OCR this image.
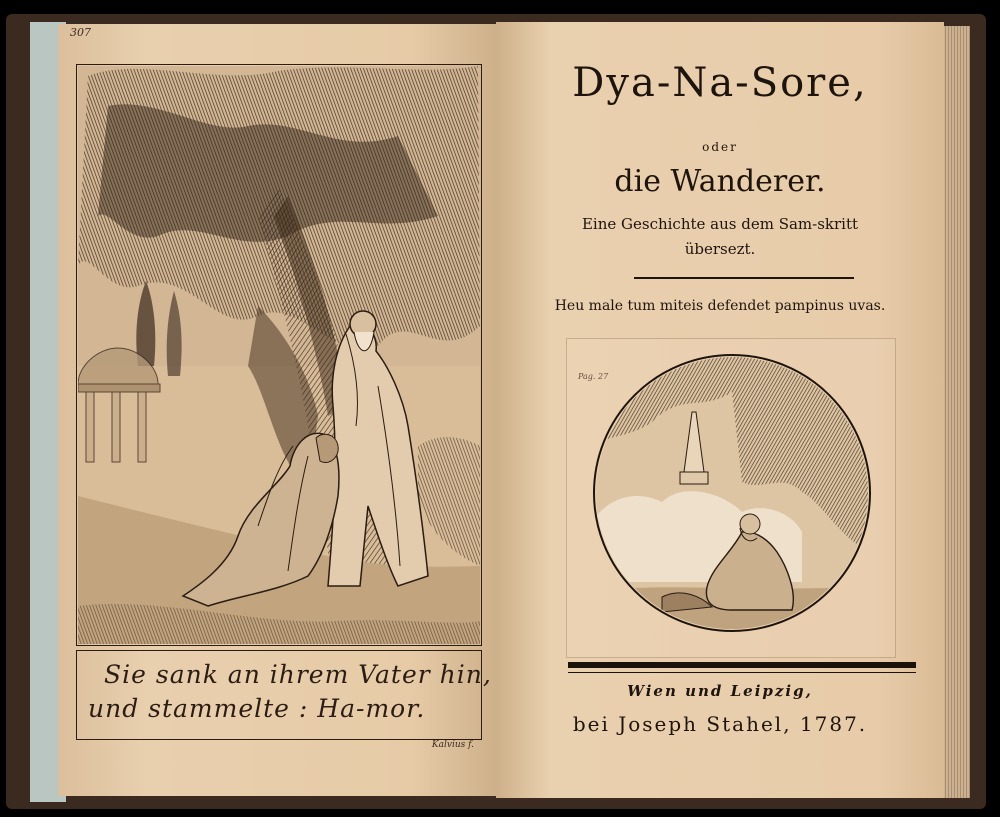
307
Sie sank an ihrem Vater hin,
und stammelte : Ha-mor.
Kalvius f.
Dya-Na-Sore,
oder
die Wanderer.
Eine Geschichte aus dem Sam-skritt
übersezt.
Heu male tum miteis defendet pampinus uvas.
Pag. 27
Wien und Leipzig,
bei Joseph Stahel, 1787.
